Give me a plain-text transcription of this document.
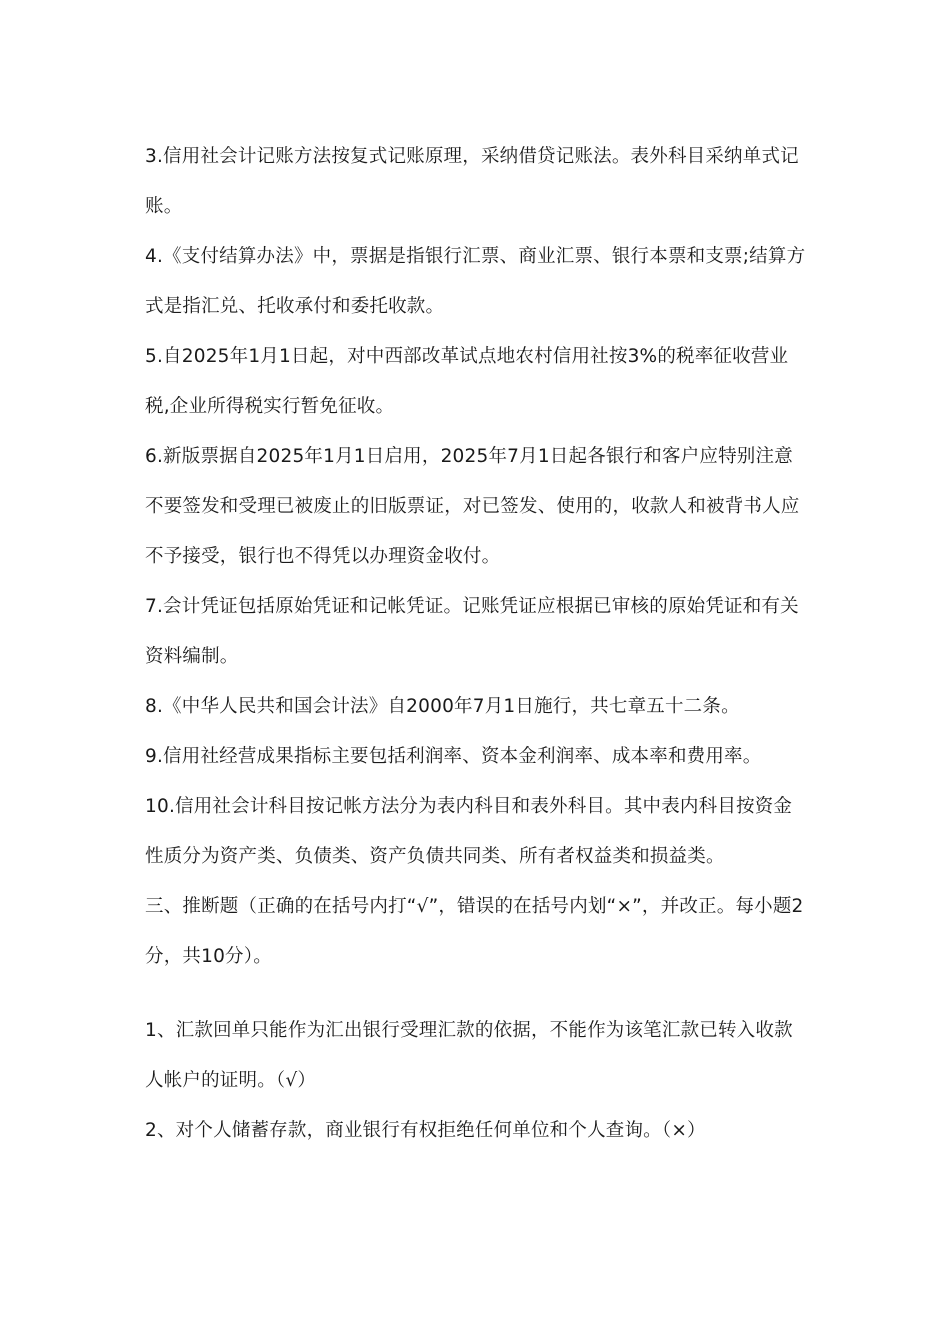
3.信用社会计记账方法按复式记账原理，采纳借贷记账法。表外科目采纳单式记账。

4.《支付结算办法》中，票据是指银行汇票、商业汇票、银行本票和支票;结算方式是指汇兑、托收承付和委托收款。

5.自2025年1月1日起，对中西部改革试点地农村信用社按3%的税率征收营业税,企业所得税实行暂免征收。

6.新版票据自2025年1月1日启用，2025年7月1日起各银行和客户应特别注意不要签发和受理已被废止的旧版票证，对已签发、使用的，收款人和被背书人应不予接受，银行也不得凭以办理资金收付。

7.会计凭证包括原始凭证和记帐凭证。记账凭证应根据已审核的原始凭证和有关资料编制。

8.《中华人民共和国会计法》自2000年7月1日施行，共七章五十二条。

9.信用社经营成果指标主要包括利润率、资本金利润率、成本率和费用率。

10.信用社会计科目按记帐方法分为表内科目和表外科目。其中表内科目按资金性质分为资产类、负债类、资产负债共同类、所有者权益类和损益类。

三、推断题（正确的在括号内打“√”，错误的在括号内划“×”，并改正。每小题2分，共10分）。

1、汇款回单只能作为汇出银行受理汇款的依据，不能作为该笔汇款已转入收款人帐户的证明。（√）

2、对个人储蓄存款，商业银行有权拒绝任何单位和个人查询。（×）
